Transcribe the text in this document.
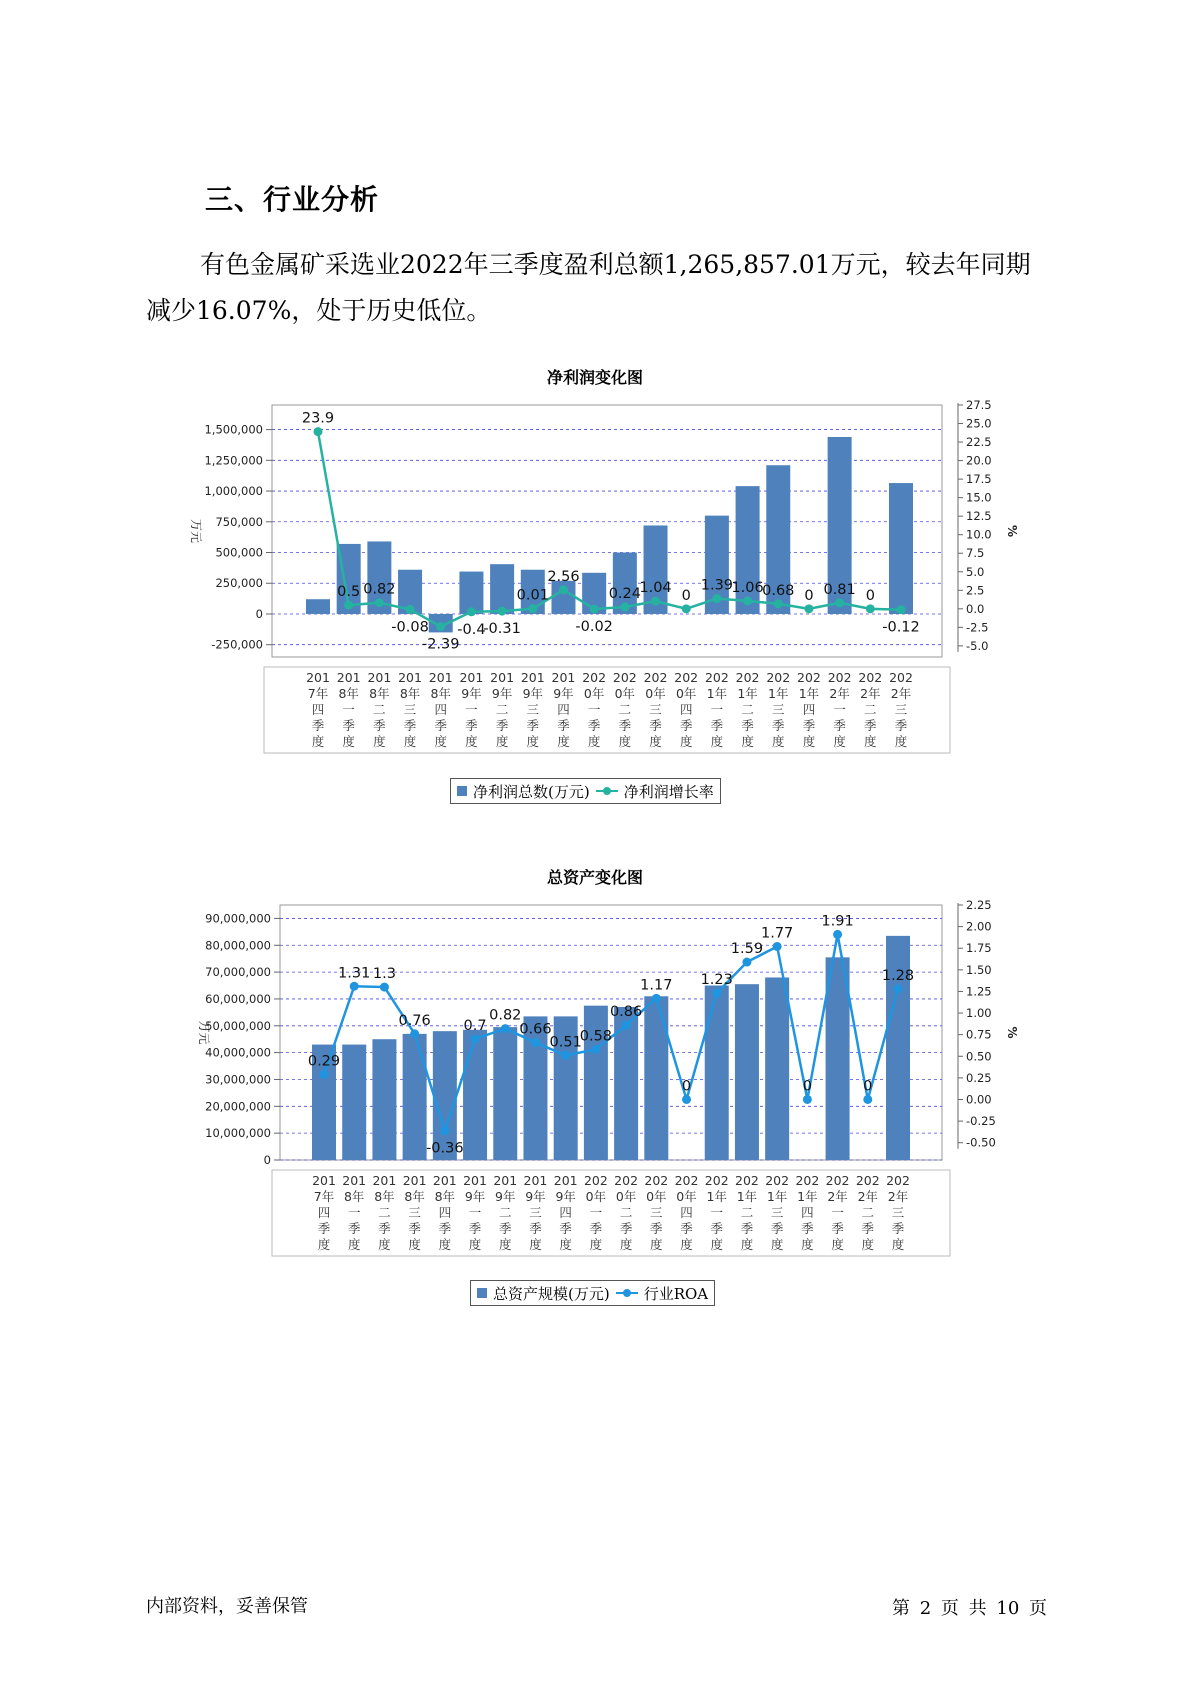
三、行业分析
有色金属矿采选业2022年三季度盈利总额1,265,857.01万元，较去年同期减少16.07%，处于历史低位。
净利润变化图
-250,000
0
250,000
500,000
750,000
1,000,000
1,250,000
1,500,000
-5.0
-2.5
0.0
2.5
5.0
7.5
10.0
12.5
15.0
17.5
20.0
22.5
25.0
27.5
万元	%
23.9
0.5 0.82
-0.08
-2.39
-0.4
-0.31
0.01
2.56
-0.02
0.24
1.04 0
1.39
1.06
0.68 0 0.81 0
-0.12
201 7年四季度
201 8年一季度
201 8年二季度
201 8年三季度
201 8年四季度
201 9年一季度
201 9年二季度
201 9年三季度
201 9年四季度
202 0年一季度
202 0年二季度
202 0年三季度
202 0年四季度
202 1年一季度
202 1年二季度
202 1年三季度
202 1年四季度
202 2年一季度
202 2年二季度
202 2年三季度
净利润总数(万元) 净利润增长率
总资产变化图
0
10,000,000
20,000,000
30,000,000
40,000,000
50,000,000
60,000,000
70,000,000
80,000,000
90,000,000
-0.50
-0.25
0.00
0.25
0.50
0.75
1.00
1.25
1.50
1.75
2.00
2.25
万元	%
0.29
1.31 1.3
0.76
-0.36
0.7
0.82
0.66
0.51
0.58
0.86
1.17
0
1.23
1.59
1.77
0
1.91
0
1.28
201 7年四季度
201 8年一季度
201 8年二季度
201 8年三季度
201 8年四季度
201 9年一季度
201 9年二季度
201 9年三季度
201 9年四季度
202 0年一季度
202 0年二季度
202 0年三季度
202 0年四季度
202 1年一季度
202 1年二季度
202 1年三季度
202 1年四季度
202 2年一季度
202 2年二季度
202 2年三季度
总资产规模(万元) 行业ROA
内部资料，妥善保管	第 2 页 共 10 页
